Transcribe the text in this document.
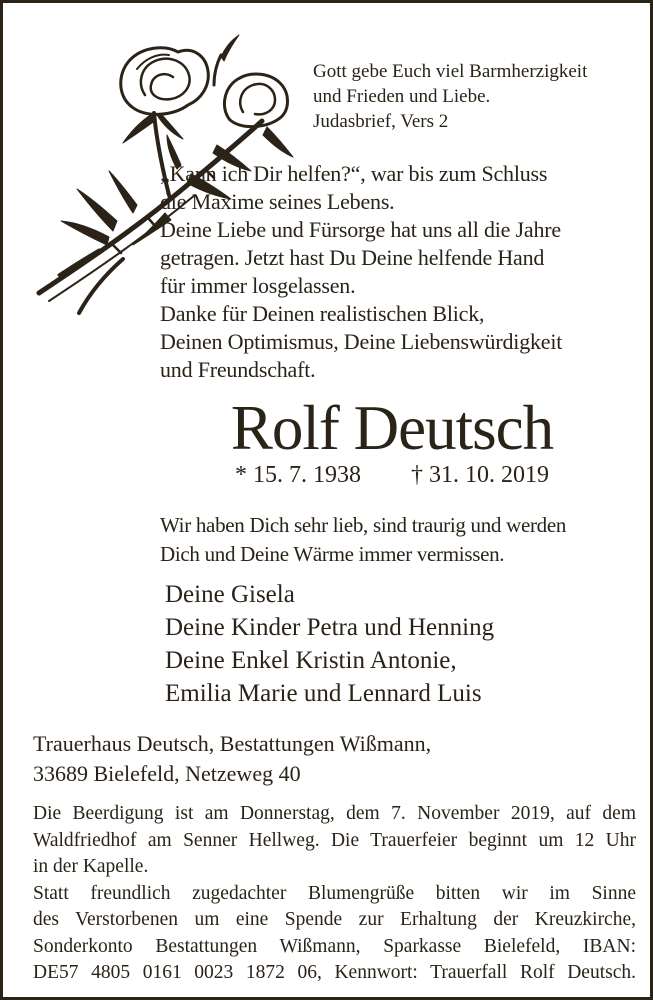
Gott gebe Euch viel Barmherzigkeit
und Frieden und Liebe.
Judasbrief, Vers 2
„Kann ich Dir helfen?“, war bis zum Schluss
die Maxime seines Lebens.
Deine Liebe und Fürsorge hat uns all die Jahre
getragen. Jetzt hast Du Deine helfende Hand
für immer losgelassen.
Danke für Deinen realistischen Blick,
Deinen Optimismus, Deine Liebenswürdigkeit
und Freundschaft.
Rolf Deutsch
* 15. 7. 1938 † 31. 10. 2019
Wir haben Dich sehr lieb, sind traurig und werden
Dich und Deine Wärme immer vermissen.
Deine Gisela
Deine Kinder Petra und Henning
Deine Enkel Kristin Antonie,
Emilia Marie und Lennard Luis
Trauerhaus Deutsch, Bestattungen Wißmann,
33689 Bielefeld, Netzeweg 40
Die Beerdigung ist am Donnerstag, dem 7. November 2019, auf dem
Waldfriedhof am Senner Hellweg. Die Trauerfeier beginnt um 12 Uhr
in der Kapelle.
Statt freundlich zugedachter Blumengrüße bitten wir im Sinne
des Verstorbenen um eine Spende zur Erhaltung der Kreuzkirche,
Sonderkonto Bestattungen Wißmann, Sparkasse Bielefeld, IBAN:
DE57 4805 0161 0023 1872 06, Kennwort: Trauerfall Rolf Deutsch.
